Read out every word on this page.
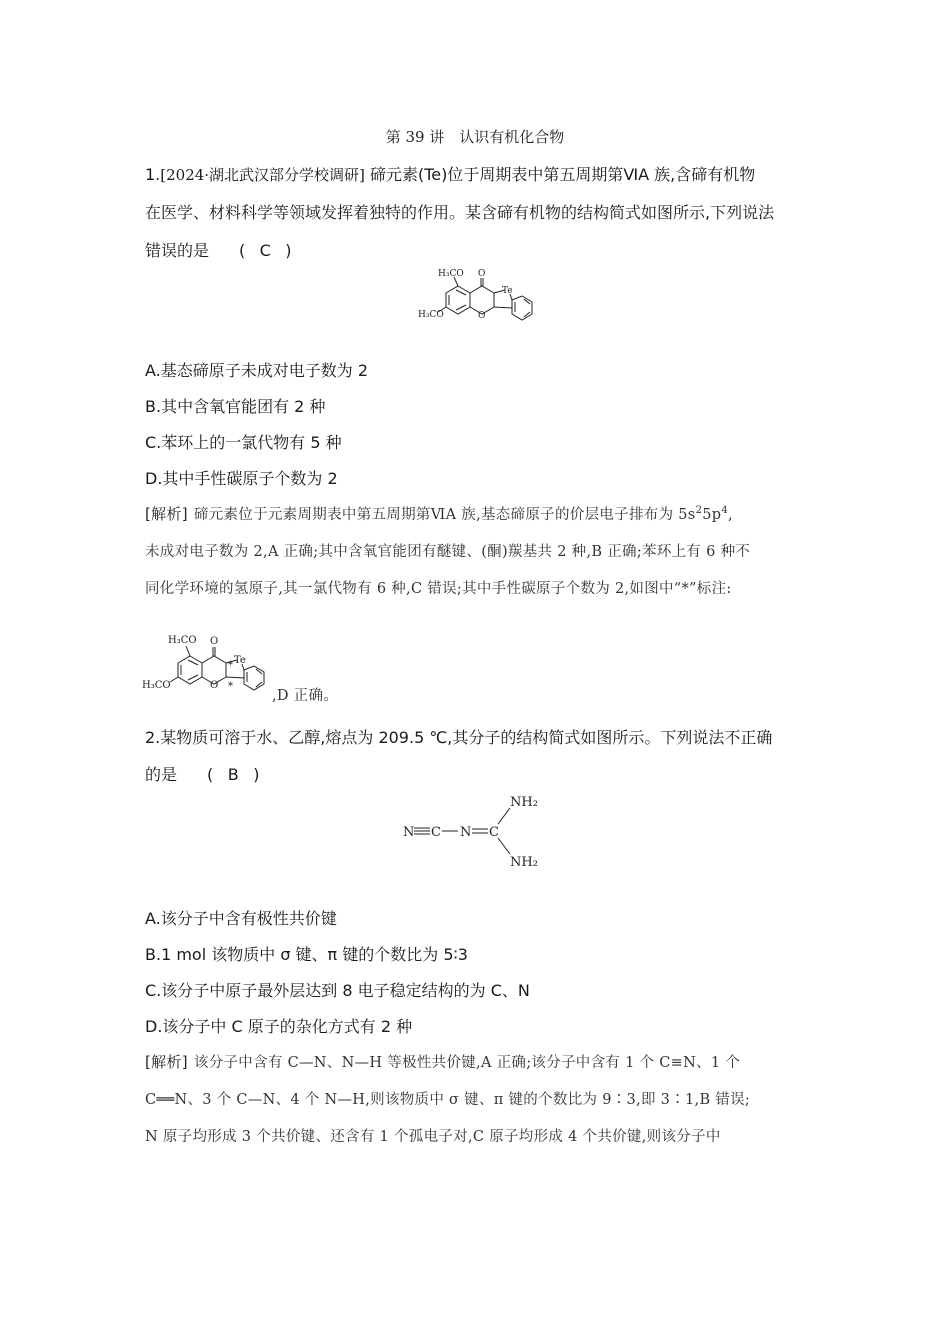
第 39 讲　认识有机化合物
1.[2024·湖北武汉部分学校调研] 碲元素(Te)位于周期表中第五周期第ⅥA 族,含碲有机物
在医学、材料科学等领域发挥着独特的作用。某含碲有机物的结构简式如图所示,下列说法
错误的是 ( C )
H₃CO
H₃CO
O
O
Te
A.基态碲原子未成对电子数为 2
B.其中含氧官能团有 2 种
C.苯环上的一氯代物有 5 种
D.其中手性碳原子个数为 2
[解析] 碲元素位于元素周期表中第五周期第ⅥA 族,基态碲原子的价层电子排布为 $5s^25p^4$,
未成对电子数为 2,A 正确;其中含氧官能团有醚键、(酮)羰基共 2 种,B 正确;苯环上有 6 种不
同化学环境的氢原子,其一氯代物有 6 种,C 错误;其中手性碳原子个数为 2,如图中“*”标注:
H₃CO
H₃CO
O
O
Te
*
*
,D 正确。
2.某物质可溶于水、乙醇,熔点为 209.5 ℃,其分子的结构简式如图所示。下列说法不正确
的是 ( B )
N C N C
NH₂
NH₂
A.该分子中含有极性共价键
B.1 mol 该物质中 σ 键、π 键的个数比为 5∶3
C.该分子中原子最外层达到 8 电子稳定结构的为 C、N
D.该分子中 C 原子的杂化方式有 2 种
[解析] 该分子中含有 C—N、N—H 等极性共价键,A 正确;该分子中含有 1 个 C≡N、1 个
C══N、3 个 C—N、4 个 N—H,则该物质中 σ 键、π 键的个数比为 9∶3,即 3∶1,B 错误;
N 原子均形成 3 个共价键、还含有 1 个孤电子对,C 原子均形成 4 个共价键,则该分子中
